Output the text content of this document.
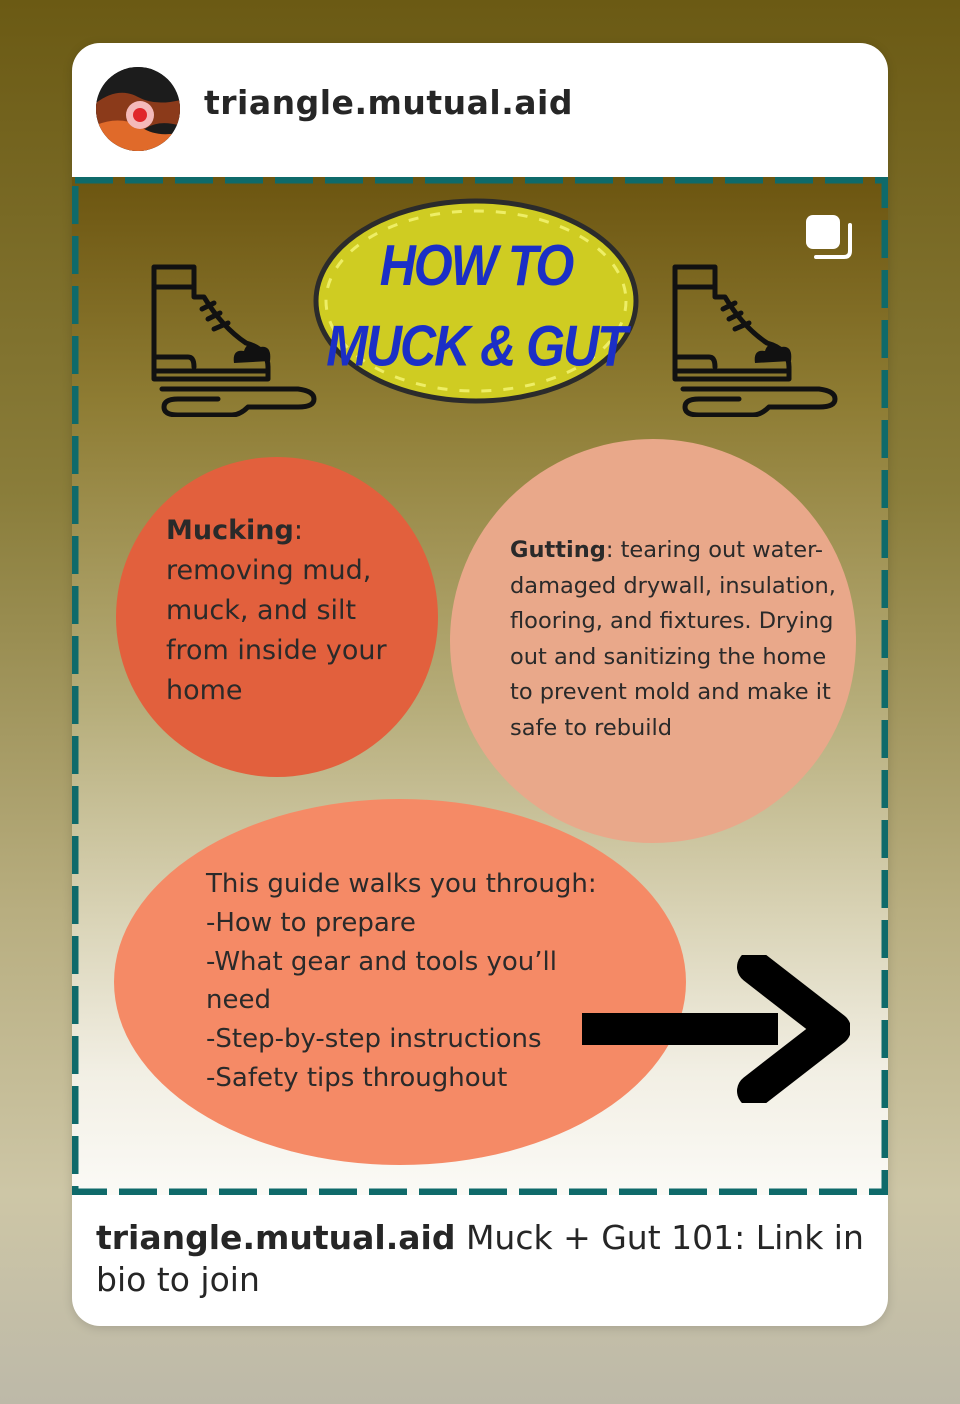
triangle.mutual.aid
HOW TO
MUCK & GUT
Mucking:
removing mud, muck, and silt from inside your home
Gutting: tearing out water-damaged drywall, insulation, flooring, and fixtures. Drying out and sanitizing the home to prevent mold and make it safe to rebuild
This guide walks you through:
-How to prepare
-What gear and tools you’ll need
-Step-by-step instructions
-Safety tips throughout
triangle.mutual.aid Muck + Gut 101: Link in bio to join
